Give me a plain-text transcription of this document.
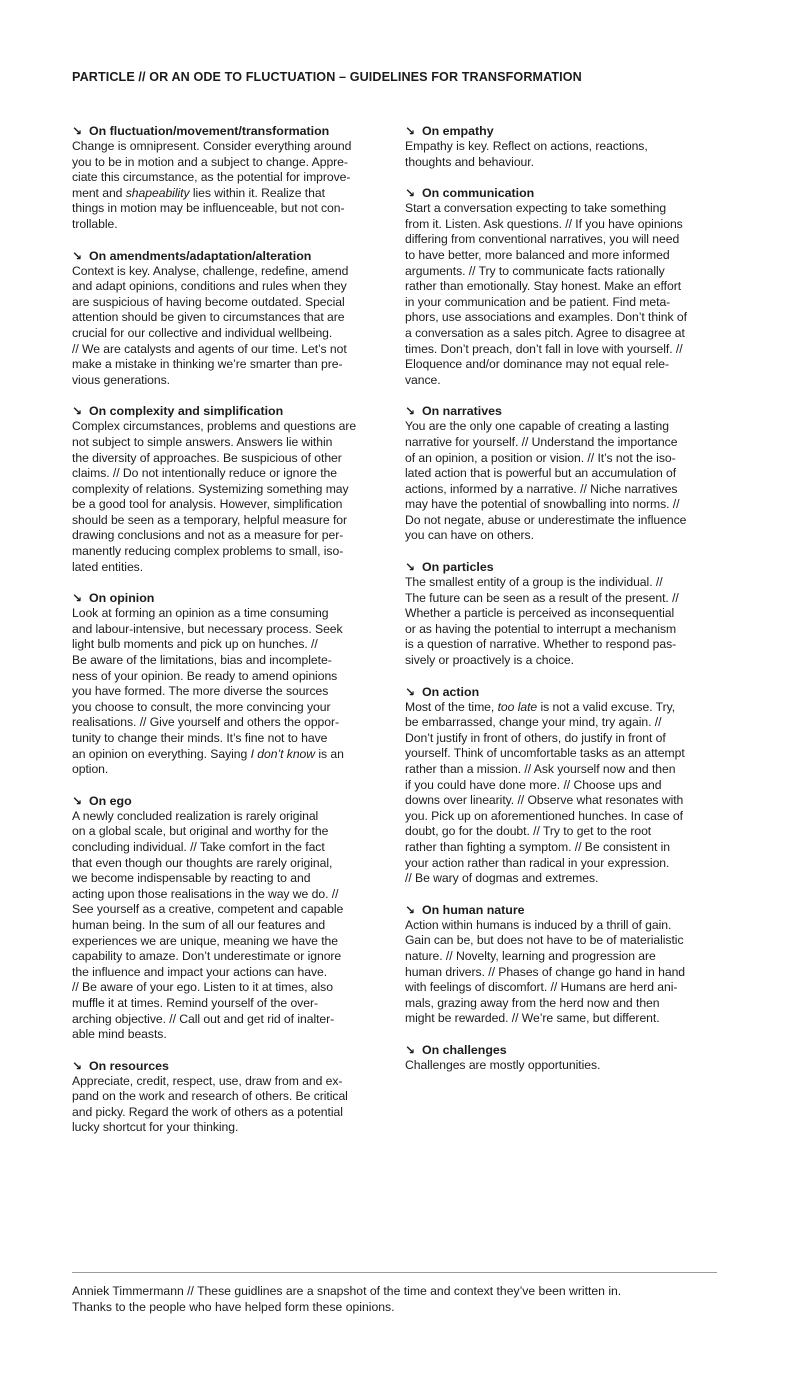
PARTICLE // OR AN ODE TO FLUCTUATION – GUIDELINES FOR TRANSFORMATION
↘ On fluctuation/movement/transformation
Change is omnipresent. Consider everything around
you to be in motion and a subject to change. Appre-
ciate this circumstance, as the potential for improve-
ment and shapeability lies within it. Realize that
things in motion may be influenceable, but not con-
trollable.
↘ On amendments/adaptation/alteration
Context is key. Analyse, challenge, redefine, amend
and adapt opinions, conditions and rules when they
are suspicious of having become outdated. Special
attention should be given to circumstances that are
crucial for our collective and individual wellbeing.
// We are catalysts and agents of our time. Let’s not
make a mistake in thinking we’re smarter than pre-
vious generations.
↘ On complexity and simplification
Complex circumstances, problems and questions are
not subject to simple answers. Answers lie within
the diversity of approaches. Be suspicious of other
claims. // Do not intentionally reduce or ignore the
complexity of relations. Systemizing something may
be a good tool for analysis. However, simplification
should be seen as a temporary, helpful measure for
drawing conclusions and not as a measure for per-
manently reducing complex problems to small, iso-
lated entities.
↘ On opinion
Look at forming an opinion as a time consuming
and labour-intensive, but necessary process. Seek
light bulb moments and pick up on hunches. //
Be aware of the limitations, bias and incomplete-
ness of your opinion. Be ready to amend opinions
you have formed. The more diverse the sources
you choose to consult, the more convincing your
realisations. // Give yourself and others the oppor-
tunity to change their minds. It’s fine not to have
an opinion on everything. Saying I don’t know is an
option.
↘ On ego
A newly concluded realization is rarely original
on a global scale, but original and worthy for the
concluding individual. // Take comfort in the fact
that even though our thoughts are rarely original,
we become indispensable by reacting to and
acting upon those realisations in the way we do. //
See yourself as a creative, competent and capable
human being. In the sum of all our features and
experiences we are unique, meaning we have the
capability to amaze. Don’t underestimate or ignore
the influence and impact your actions can have.
// Be aware of your ego. Listen to it at times, also
muffle it at times. Remind yourself of the over-
arching objective. // Call out and get rid of inalter-
able mind beasts.
↘ On resources
Appreciate, credit, respect, use, draw from and ex-
pand on the work and research of others. Be critical
and picky. Regard the work of others as a potential
lucky shortcut for your thinking.
↘ On empathy
Empathy is key. Reflect on actions, reactions,
thoughts and behaviour.
↘ On communication
Start a conversation expecting to take something
from it. Listen. Ask questions. // If you have opinions
differing from conventional narratives, you will need
to have better, more balanced and more informed
arguments. // Try to communicate facts rationally
rather than emotionally. Stay honest. Make an effort
in your communication and be patient. Find meta-
phors, use associations and examples. Don’t think of
a conversation as a sales pitch. Agree to disagree at
times. Don’t preach, don’t fall in love with yourself. //
Eloquence and/or dominance may not equal rele-
vance.
↘ On narratives
You are the only one capable of creating a lasting
narrative for yourself. // Understand the importance
of an opinion, a position or vision. // It’s not the iso-
lated action that is powerful but an accumulation of
actions, informed by a narrative. // Niche narratives
may have the potential of snowballing into norms. //
Do not negate, abuse or underestimate the influence
you can have on others.
↘ On particles
The smallest entity of a group is the individual. //
The future can be seen as a result of the present. //
Whether a particle is perceived as inconsequential
or as having the potential to interrupt a mechanism
is a question of narrative. Whether to respond pas-
sively or proactively is a choice.
↘ On action
Most of the time, too late is not a valid excuse. Try,
be embarrassed, change your mind, try again. //
Don’t justify in front of others, do justify in front of
yourself. Think of uncomfortable tasks as an attempt
rather than a mission. // Ask yourself now and then
if you could have done more. // Choose ups and
downs over linearity. // Observe what resonates with
you. Pick up on aforementioned hunches. In case of
doubt, go for the doubt. // Try to get to the root
rather than fighting a symptom. // Be consistent in
your action rather than radical in your expression.
// Be wary of dogmas and extremes.
↘ On human nature
Action within humans is induced by a thrill of gain.
Gain can be, but does not have to be of materialistic
nature. // Novelty, learning and progression are
human drivers. // Phases of change go hand in hand
with feelings of discomfort. // Humans are herd ani-
mals, grazing away from the herd now and then
might be rewarded. // We’re same, but different.
↘ On challenges
Challenges are mostly opportunities.
Anniek Timmermann // These guidlines are a snapshot of the time and context they’ve been written in.
Thanks to the people who have helped form these opinions.
